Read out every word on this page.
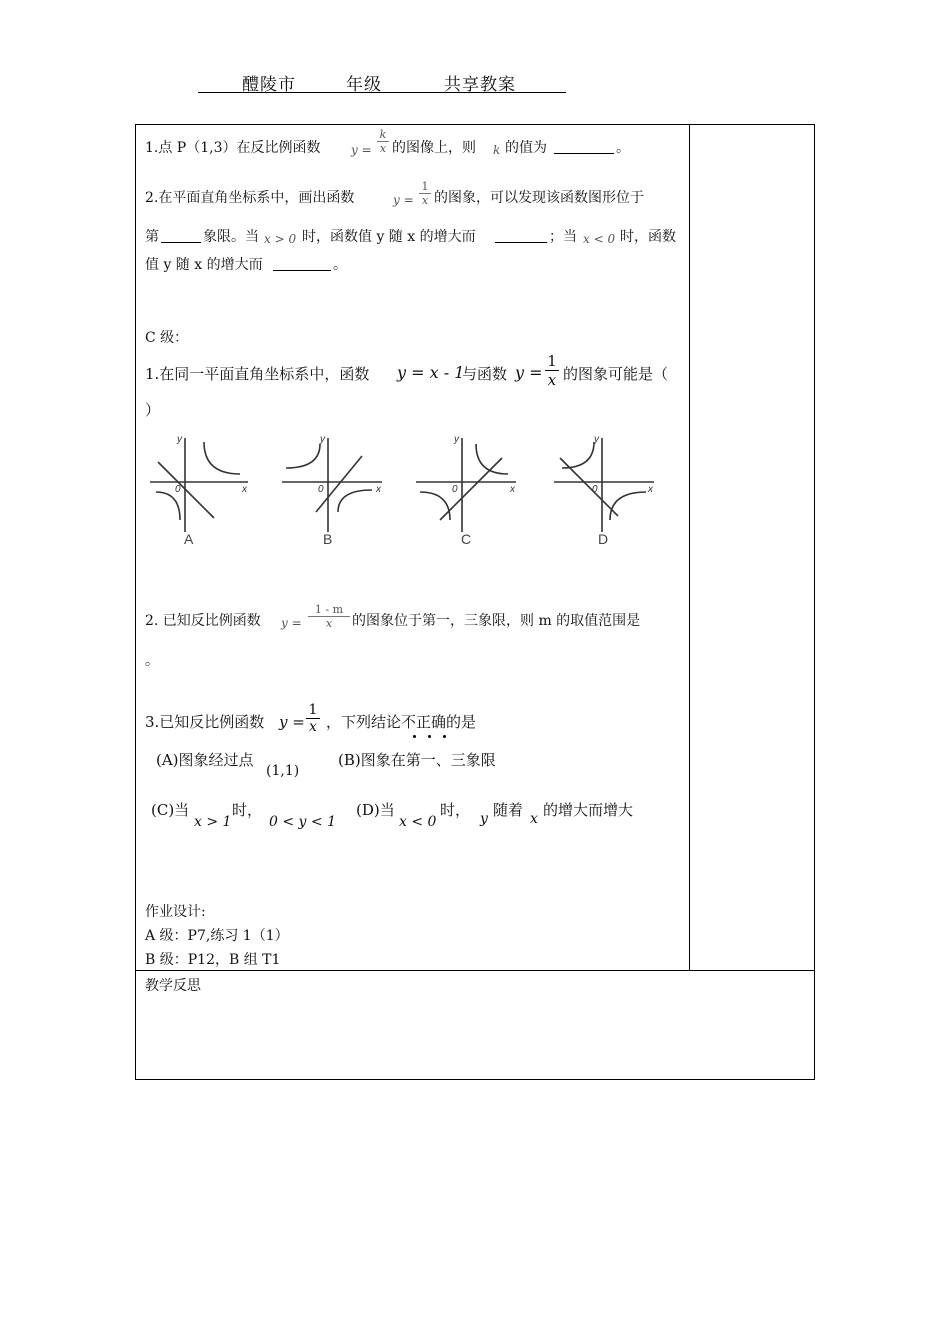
醴陵市	年级	共享教案
1.点 P（1,3）在反比例函数	$y = \frac{k}{x}$ 的图像上，则 k 的值为	。
2.在平面直角坐标系中，画出函数	$y = \frac{1}{x}$ 的图象，可以发现该函数图形位于
第	象限。当 x > 0 时，函数值 y 随 x 的增大而	；当 x < 0 时，函数
值 y 随 x 的增大而	。
C 级：
1.在同一平面直角坐标系中，函数 y = x - 1
与函数 $y = \frac{1}{x}$ 的图象可能是（
）
y
x
0
y
x
0
y
x
0
y
x
0
A	B	C	D
2. 已知反比例函数 $y = \frac{1 - m}{x}$ 的图象位于第一，三象限，则 m 的取值范围是
。
3.已知反比例函数 $y = \frac{1}{x}$ ，下列结论不正确的是
(A)图象经过点
(1,1)
(B)图象在第一、三象限
(C)当
x > 1
时，
0 < y < 1
(D)当
x < 0
时， y 随着 x 的增大而增大
作业设计:
A 级：P7,练习 1（1）
B 级：P12，B 组 T1
教学反思
